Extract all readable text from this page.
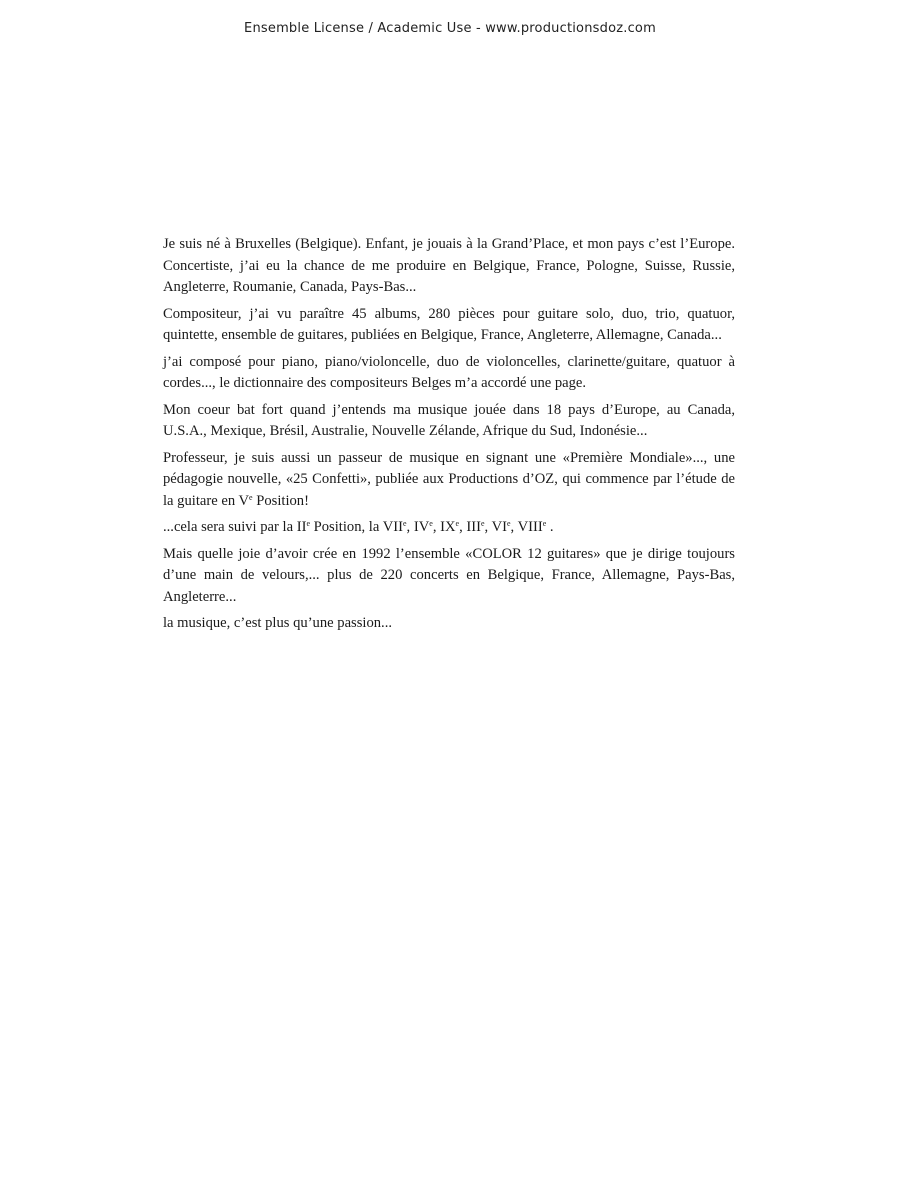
Ensemble License / Academic Use - www.productionsdoz.com

Je suis né à Bruxelles (Belgique). Enfant, je jouais à la Grand’Place, et mon pays c’est l’Europe. Concertiste, j’ai eu la chance de me produire en Belgique, France, Pologne, Suisse, Russie, Angleterre, Roumanie, Canada, Pays-Bas...

Compositeur, j’ai vu paraître 45 albums, 280 pièces pour guitare solo, duo, trio, quatuor, quintette, ensemble de guitares, publiées en Belgique, France, Angleterre, Allemagne, Canada...

j’ai composé pour piano, piano/violoncelle, duo de violoncelles, clarinette/guitare, quatuor à cordes..., le dictionnaire des compositeurs Belges m’a accordé une page.

Mon coeur bat fort quand j’entends ma musique jouée dans 18 pays d’Europe, au Canada, U.S.A., Mexique, Brésil, Australie, Nouvelle Zélande, Afrique du Sud, Indonésie...

Professeur, je suis aussi un passeur de musique en signant une «Première Mondiale»..., une pédagogie nouvelle, «25 Confetti», publiée aux Productions d’OZ, qui commence par l’étude de la guitare en Ve Position!

...cela sera suivi par la IIe Position, la VIIe, IVe, IXe, IIIe, VIe, VIIIe .

Mais quelle joie d’avoir crée en 1992 l’ensemble «COLOR 12 guitares» que je dirige toujours d’une main de velours,... plus de 220 concerts en Belgique, France, Allemagne, Pays-Bas, Angleterre...

la musique, c’est plus qu’une passion...
